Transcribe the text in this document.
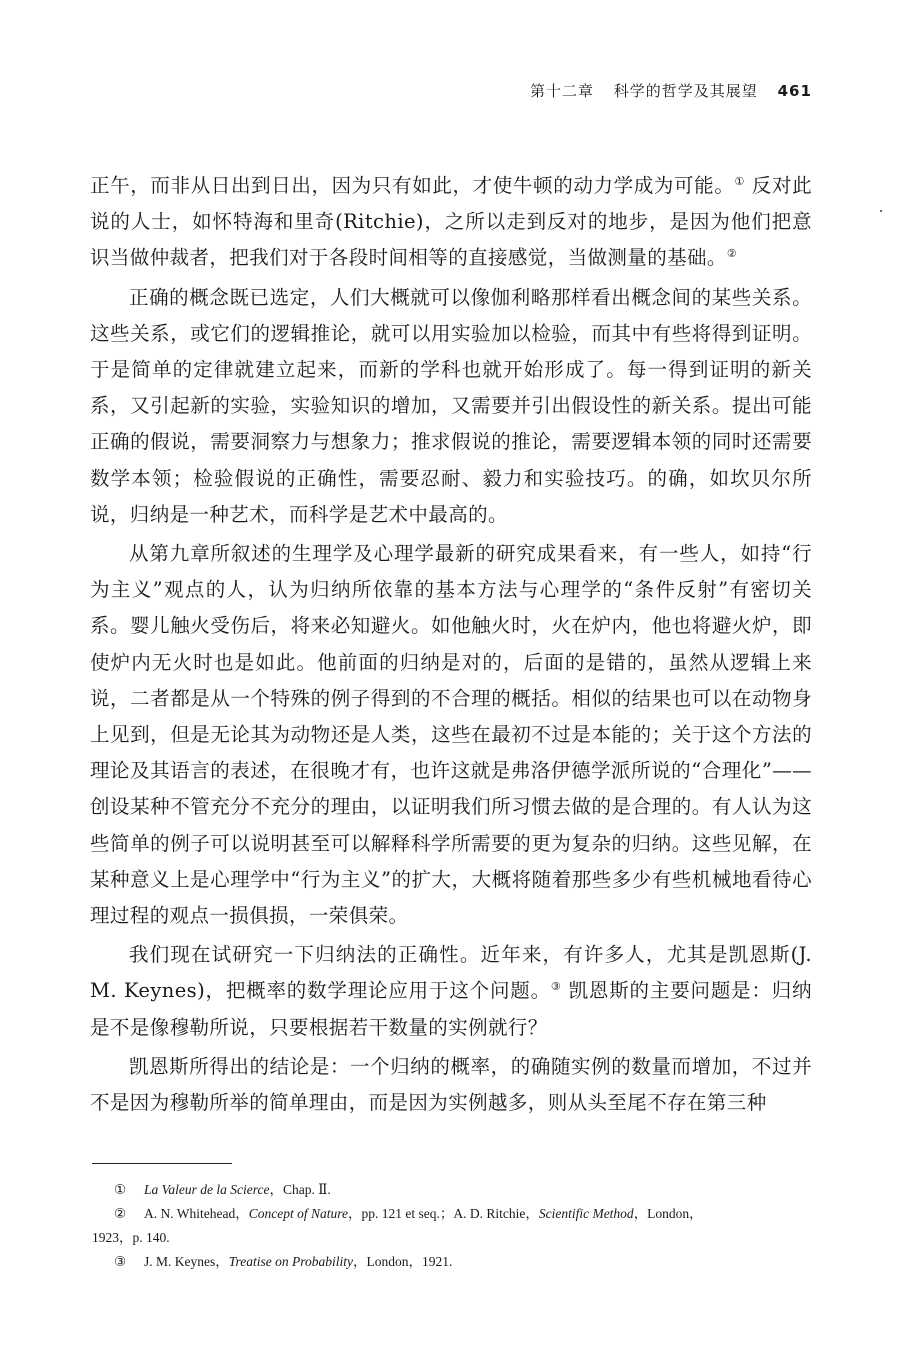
第十二章 科学的哲学及其展望 461

正午，而非从日出到日出，因为只有如此，才使牛顿的动力学成为可能。① 反对此说的人士，如怀特海和里奇(Ritchie)，之所以走到反对的地步，是因为他们把意识当做仲裁者，把我们对于各段时间相等的直接感觉，当做测量的基础。②

正确的概念既已选定，人们大概就可以像伽利略那样看出概念间的某些关系。这些关系，或它们的逻辑推论，就可以用实验加以检验，而其中有些将得到证明。于是简单的定律就建立起来，而新的学科也就开始形成了。每一得到证明的新关系，又引起新的实验，实验知识的增加，又需要并引出假设性的新关系。提出可能正确的假说，需要洞察力与想象力；推求假说的推论，需要逻辑本领的同时还需要数学本领；检验假说的正确性，需要忍耐、毅力和实验技巧。的确，如坎贝尔所说，归纳是一种艺术，而科学是艺术中最高的。

从第九章所叙述的生理学及心理学最新的研究成果看来，有一些人，如持“行为主义”观点的人，认为归纳所依靠的基本方法与心理学的“条件反射”有密切关系。婴儿触火受伤后，将来必知避火。如他触火时，火在炉内，他也将避火炉，即使炉内无火时也是如此。他前面的归纳是对的，后面的是错的，虽然从逻辑上来说，二者都是从一个特殊的例子得到的不合理的概括。相似的结果也可以在动物身上见到，但是无论其为动物还是人类，这些在最初不过是本能的；关于这个方法的理论及其语言的表述，在很晚才有，也许这就是弗洛伊德学派所说的“合理化”——创设某种不管充分不充分的理由，以证明我们所习惯去做的是合理的。有人认为这些简单的例子可以说明甚至可以解释科学所需要的更为复杂的归纳。这些见解，在某种意义上是心理学中“行为主义”的扩大，大概将随着那些多少有些机械地看待心理过程的观点一损俱损，一荣俱荣。

我们现在试研究一下归纳法的正确性。近年来，有许多人，尤其是凯恩斯(J. M. Keynes)，把概率的数学理论应用于这个问题。③ 凯恩斯的主要问题是：归纳是不是像穆勒所说，只要根据若干数量的实例就行？

凯恩斯所得出的结论是：一个归纳的概率，的确随实例的数量而增加，不过并不是因为穆勒所举的简单理由，而是因为实例越多，则从头至尾不存在第三种

① La Valeur de la Scierce，Chap. Ⅱ.
② A. N. Whitehead，Concept of Nature，pp. 121 et seq.；A. D. Ritchie，Scientific Method，London，
1923，p. 140.
③ J. M. Keynes，Treatise on Probability，London，1921.
